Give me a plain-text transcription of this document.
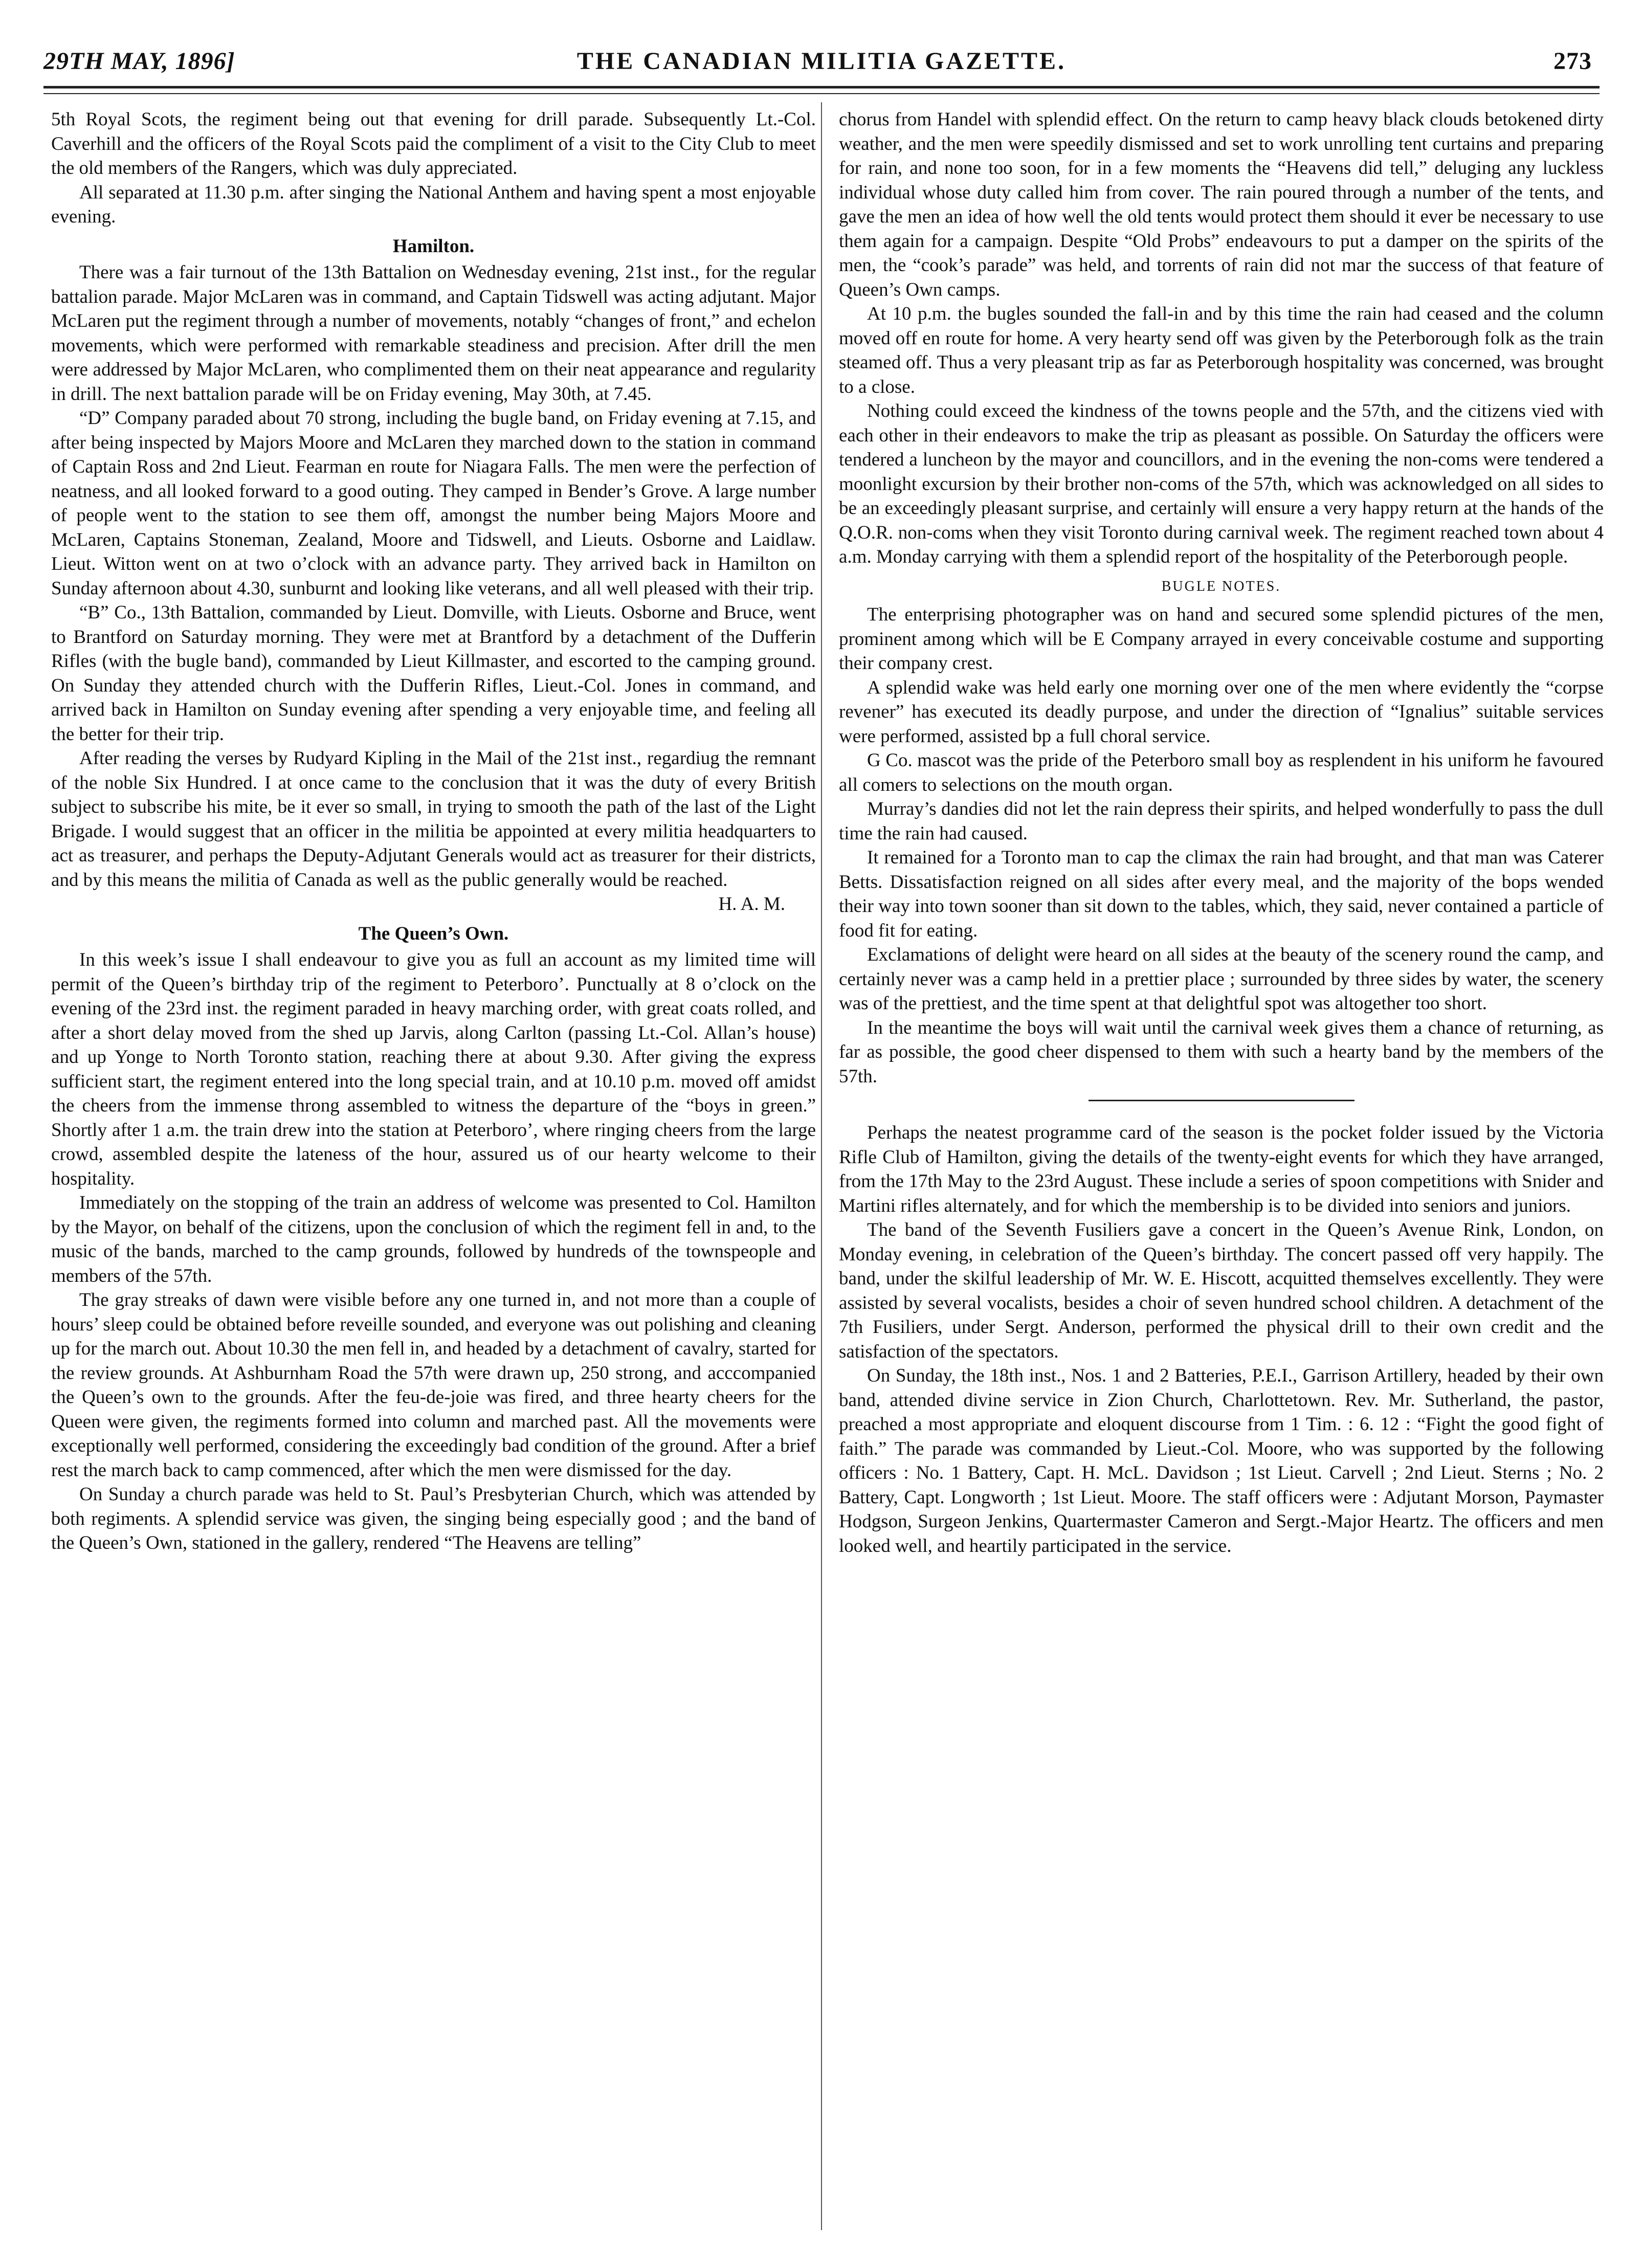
29TH MAY, 1896]	THE CANADIAN MILITIA GAZETTE.	273

5th Royal Scots, the regiment being out that evening for drill parade. Subsequently Lt.-Col. Caverhill and the officers of the Royal Scots paid the compliment of a visit to the City Club to meet the old members of the Rangers, which was duly appreciated.

All separated at 11.30 p.m. after singing the National Anthem and having spent a most enjoyable evening.

Hamilton.

There was a fair turnout of the 13th Battalion on Wednesday evening, 21st inst., for the regular battalion parade. Major McLaren was in command, and Captain Tidswell was acting adjutant. Major McLaren put the regiment through a number of movements, notably “changes of front,” and echelon movements, which were performed with remarkable steadiness and precision. After drill the men were addressed by Major McLaren, who complimented them on their neat appearance and regularity in drill. The next battalion parade will be on Friday evening, May 30th, at 7.45.

“D” Company paraded about 70 strong, including the bugle band, on Friday evening at 7.15, and after being inspected by Majors Moore and McLaren they marched down to the station in command of Captain Ross and 2nd Lieut. Fearman en route for Niagara Falls. The men were the perfection of neatness, and all looked forward to a good outing. They camped in Bender’s Grove. A large number of people went to the station to see them off, amongst the number being Majors Moore and McLaren, Captains Stoneman, Zealand, Moore and Tidswell, and Lieuts. Osborne and Laidlaw. Lieut. Witton went on at two o’clock with an advance party. They arrived back in Hamilton on Sunday afternoon about 4.30, sunburnt and looking like veterans, and all well pleased with their trip.

“B” Co., 13th Battalion, commanded by Lieut. Domville, with Lieuts. Osborne and Bruce, went to Brantford on Saturday morning. They were met at Brantford by a detachment of the Dufferin Rifles (with the bugle band), commanded by Lieut Killmaster, and escorted to the camping ground. On Sunday they attended church with the Dufferin Rifles, Lieut.-Col. Jones in command, and arrived back in Hamilton on Sunday evening after spending a very enjoyable time, and feeling all the better for their trip.

After reading the verses by Rudyard Kipling in the Mail of the 21st inst., regardiug the remnant of the noble Six Hundred. I at once came to the conclusion that it was the duty of every British subject to subscribe his mite, be it ever so small, in trying to smooth the path of the last of the Light Brigade. I would suggest that an officer in the militia be appointed at every militia headquarters to act as treasurer, and perhaps the Deputy-Adjutant Generals would act as treasurer for their districts, and by this means the militia of Canada as well as the public generally would be reached.

H. A. M.

The Queen’s Own.

In this week’s issue I shall endeavour to give you as full an account as my limited time will permit of the Queen’s birthday trip of the regiment to Peterboro’. Punctually at 8 o’clock on the evening of the 23rd inst. the regiment paraded in heavy marching order, with great coats rolled, and after a short delay moved from the shed up Jarvis, along Carlton (passing Lt.-Col. Allan’s house) and up Yonge to North Toronto station, reaching there at about 9.30. After giving the express sufficient start, the regiment entered into the long special train, and at 10.10 p.m. moved off amidst the cheers from the immense throng assembled to witness the departure of the “boys in green.” Shortly after 1 a.m. the train drew into the station at Peterboro’, where ringing cheers from the large crowd, assembled despite the lateness of the hour, assured us of our hearty welcome to their hospitality.

Immediately on the stopping of the train an address of welcome was presented to Col. Hamilton by the Mayor, on behalf of the citizens, upon the conclusion of which the regiment fell in and, to the music of the bands, marched to the camp grounds, followed by hundreds of the townspeople and members of the 57th.

The gray streaks of dawn were visible before any one turned in, and not more than a couple of hours’ sleep could be obtained before reveille sounded, and everyone was out polishing and cleaning up for the march out. About 10.30 the men fell in, and headed by a detachment of cavalry, started for the review grounds. At Ashburnham Road the 57th were drawn up, 250 strong, and acccompanied the Queen’s own to the grounds. After the feu-de-joie was fired, and three hearty cheers for the Queen were given, the regiments formed into column and marched past. All the movements were exceptionally well performed, considering the exceedingly bad condition of the ground. After a brief rest the march back to camp commenced, after which the men were dismissed for the day.

On Sunday a church parade was held to St. Paul’s Presbyterian Church, which was attended by both regiments. A splendid service was given, the singing being especially good ; and the band of the Queen’s Own, stationed in the gallery, rendered “The Heavens are telling”

chorus from Handel with splendid effect. On the return to camp heavy black clouds betokened dirty weather, and the men were speedily dismissed and set to work unrolling tent curtains and preparing for rain, and none too soon, for in a few moments the “Heavens did tell,” deluging any luckless individual whose duty called him from cover. The rain poured through a number of the tents, and gave the men an idea of how well the old tents would protect them should it ever be necessary to use them again for a campaign. Despite “Old Probs” endeavours to put a damper on the spirits of the men, the “cook’s parade” was held, and torrents of rain did not mar the success of that feature of Queen’s Own camps.

At 10 p.m. the bugles sounded the fall-in and by this time the rain had ceased and the column moved off en route for home. A very hearty send off was given by the Peterborough folk as the train steamed off. Thus a very pleasant trip as far as Peterborough hospitality was concerned, was brought to a close.

Nothing could exceed the kindness of the towns people and the 57th, and the citizens vied with each other in their endeavors to make the trip as pleasant as possible. On Saturday the officers were tendered a luncheon by the mayor and councillors, and in the evening the non-coms were tendered a moonlight excursion by their brother non-coms of the 57th, which was acknowledged on all sides to be an exceedingly pleasant surprise, and certainly will ensure a very happy return at the hands of the Q.O.R. non-coms when they visit Toronto during carnival week. The regiment reached town about 4 a.m. Monday carrying with them a splendid report of the hospitality of the Peterborough people.

BUGLE NOTES.

The enterprising photographer was on hand and secured some splendid pictures of the men, prominent among which will be E Company arrayed in every conceivable costume and supporting their company crest.

A splendid wake was held early one morning over one of the men where evidently the “corpse revener” has executed its deadly purpose, and under the direction of “Ignalius” suitable services were performed, assisted bp a full choral service.

G Co. mascot was the pride of the Peterboro small boy as resplendent in his uniform he favoured all comers to selections on the mouth organ.

Murray’s dandies did not let the rain depress their spirits, and helped wonderfully to pass the dull time the rain had caused.

It remained for a Toronto man to cap the climax the rain had brought, and that man was Caterer Betts. Dissatisfaction reigned on all sides after every meal, and the majority of the bops wended their way into town sooner than sit down to the tables, which, they said, never contained a particle of food fit for eating.

Exclamations of delight were heard on all sides at the beauty of the scenery round the camp, and certainly never was a camp held in a prettier place ; surrounded by three sides by water, the scenery was of the prettiest, and the time spent at that delightful spot was altogether too short.

In the meantime the boys will wait until the carnival week gives them a chance of returning, as far as possible, the good cheer dispensed to them with such a hearty band by the members of the 57th.

Perhaps the neatest programme card of the season is the pocket folder issued by the Victoria Rifle Club of Hamilton, giving the details of the twenty-eight events for which they have arranged, from the 17th May to the 23rd August. These include a series of spoon competitions with Snider and Martini rifles alternately, and for which the membership is to be divided into seniors and juniors.

The band of the Seventh Fusiliers gave a concert in the Queen’s Avenue Rink, London, on Monday evening, in celebration of the Queen’s birthday. The concert passed off very happily. The band, under the skilful leadership of Mr. W. E. Hiscott, acquitted themselves excellently. They were assisted by several vocalists, besides a choir of seven hundred school children. A detachment of the 7th Fusiliers, under Sergt. Anderson, performed the physical drill to their own credit and the satisfaction of the spectators.

On Sunday, the 18th inst., Nos. 1 and 2 Batteries, P.E.I., Garrison Artillery, headed by their own band, attended divine service in Zion Church, Charlottetown. Rev. Mr. Sutherland, the pastor, preached a most appropriate and eloquent discourse from 1 Tim. : 6. 12 : “Fight the good fight of faith.” The parade was commanded by Lieut.-Col. Moore, who was supported by the following officers : No. 1 Battery, Capt. H. McL. Davidson ; 1st Lieut. Carvell ; 2nd Lieut. Sterns ; No. 2 Battery, Capt. Longworth ; 1st Lieut. Moore. The staff officers were : Adjutant Morson, Paymaster Hodgson, Surgeon Jenkins, Quartermaster Cameron and Sergt.-Major Heartz. The officers and men looked well, and heartily participated in the service.
